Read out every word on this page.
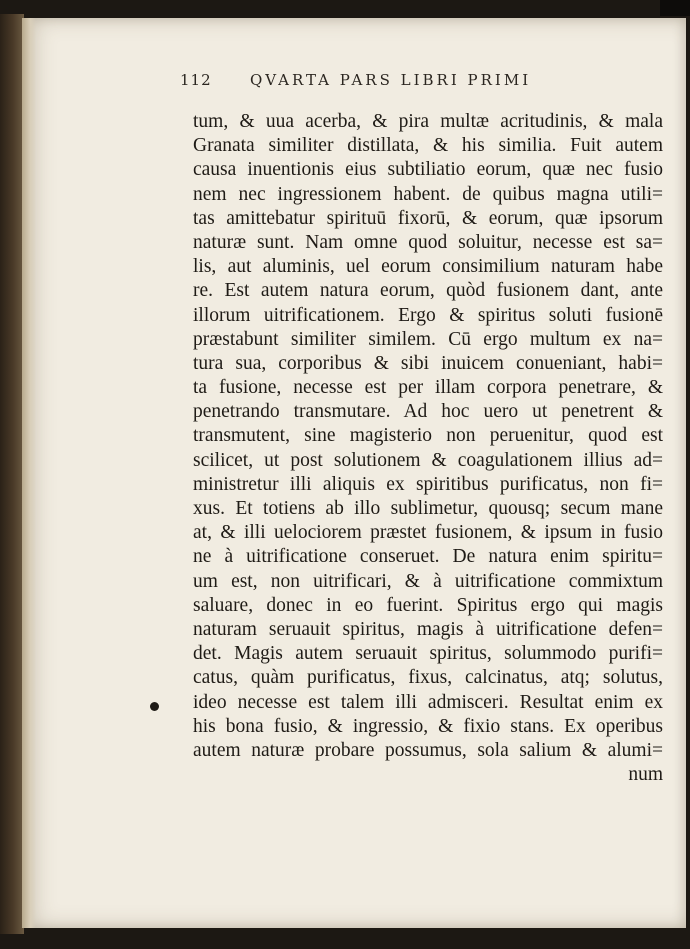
112	QVARTA PARS LIBRI PRIMI
tum, & uua acerba, & pira multæ acritudinis, & mala
Granata similiter distillata, & his similia. Fuit autem
causa inuentionis eius subtiliatio eorum, quæ nec fusio
nem nec ingressionem habent. de quibus magna utili=
tas amittebatur spirituū fixorū, & eorum, quæ ipsorum
naturæ sunt. Nam omne quod soluitur, necesse est sa=
lis, aut aluminis, uel eorum consimilium naturam habe
re. Est autem natura eorum, quòd fusionem dant, ante
illorum uitrificationem. Ergo & spiritus soluti fusionē
præstabunt similiter similem. Cū ergo multum ex na=
tura sua, corporibus & sibi inuicem conueniant, habi=
ta fusione, necesse est per illam corpora penetrare, &
penetrando transmutare. Ad hoc uero ut penetrent &
transmutent, sine magisterio non peruenitur, quod est
scilicet, ut post solutionem & coagulationem illius ad=
ministretur illi aliquis ex spiritibus purificatus, non fi=
xus. Et totiens ab illo sublimetur, quousq; secum mane
at, & illi uelociorem præstet fusionem, & ipsum in fusio
ne à uitrificatione conseruet. De natura enim spiritu=
um est, non uitrificari, & à uitrificatione commixtum
saluare, donec in eo fuerint. Spiritus ergo qui magis
naturam seruauit spiritus, magis à uitrificatione defen=
det. Magis autem seruauit spiritus, solummodo purifi=
catus, quàm purificatus, fixus, calcinatus, atq; solutus,
ideo necesse est talem illi admisceri. Resultat enim ex
his bona fusio, & ingressio, & fixio stans. Ex operibus
autem naturæ probare possumus, sola salium & alumi=
num
